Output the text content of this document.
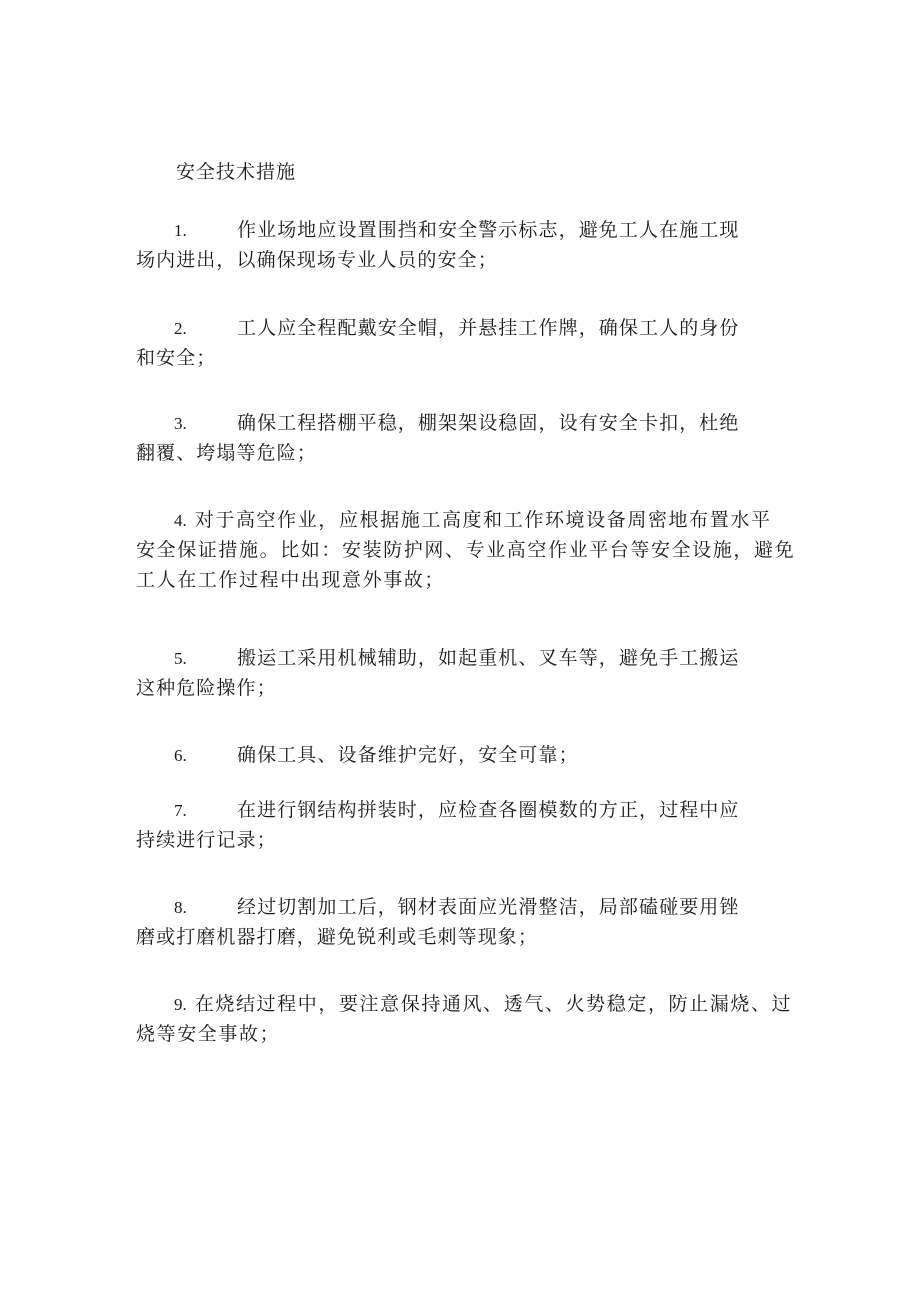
安全技术措施
1.	作业场地应设置围挡和安全警示标志，避免工人在施工现
场内进出，以确保现场专业人员的安全；
2.	工人应全程配戴安全帽，并悬挂工作牌，确保工人的身份
和安全；
3.	确保工程搭棚平稳，棚架架设稳固，设有安全卡扣，杜绝
翻覆、垮塌等危险；
4. 对于高空作业，应根据施工高度和工作环境设备周密地布置水平
安全保证措施。比如：安装防护网、专业高空作业平台等安全设施，避免
工人在工作过程中出现意外事故；
5.	搬运工采用机械辅助，如起重机、叉车等，避免手工搬运
这种危险操作；
6.	确保工具、设备维护完好，安全可靠；
7.	在进行钢结构拼装时，应检查各圈模数的方正，过程中应
持续进行记录；
8.	经过切割加工后，钢材表面应光滑整洁，局部磕碰要用锉
磨或打磨机器打磨，避免锐利或毛刺等现象；
9. 在烧结过程中，要注意保持通风、透气、火势稳定，防止漏烧、过
烧等安全事故；
